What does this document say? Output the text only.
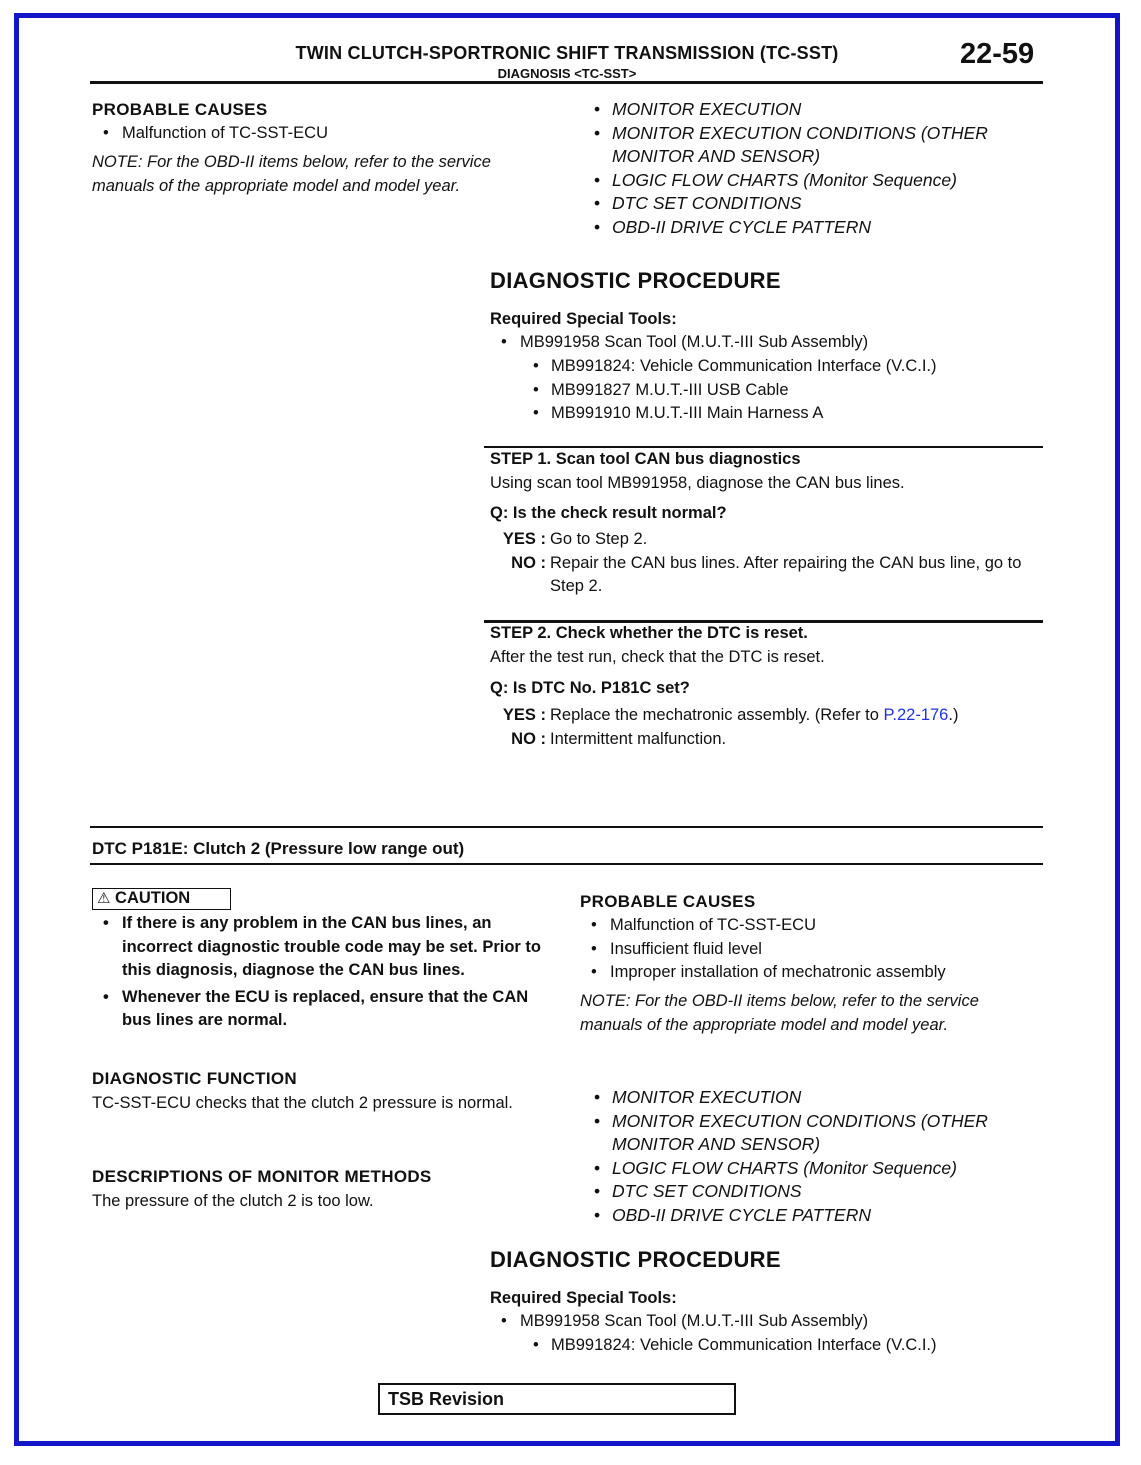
TWIN CLUTCH-SPORTRONIC SHIFT TRANSMISSION (TC-SST)
DIAGNOSIS <TC-SST>
22-59
PROBABLE CAUSES
• Malfunction of TC-SST-ECU
NOTE: For the OBD-II items below, refer to the service manuals of the appropriate model and model year.
• MONITOR EXECUTION
• MONITOR EXECUTION CONDITIONS (OTHER MONITOR AND SENSOR)
• LOGIC FLOW CHARTS (Monitor Sequence)
• DTC SET CONDITIONS
• OBD-II DRIVE CYCLE PATTERN
DIAGNOSTIC PROCEDURE
Required Special Tools:
• MB991958 Scan Tool (M.U.T.-III Sub Assembly)
• MB991824: Vehicle Communication Interface (V.C.I.)
• MB991827 M.U.T.-III USB Cable
• MB991910 M.U.T.-III Main Harness A
STEP 1. Scan tool CAN bus diagnostics
Using scan tool MB991958, diagnose the CAN bus lines.
Q: Is the check result normal?
YES : Go to Step 2.
NO : Repair the CAN bus lines. After repairing the CAN bus line, go to Step 2.
STEP 2. Check whether the DTC is reset.
After the test run, check that the DTC is reset.
Q: Is DTC No. P181C set?
YES : Replace the mechatronic assembly. (Refer to P.22-176.)
NO : Intermittent malfunction.
DTC P181E: Clutch 2 (Pressure low range out)
⚠ CAUTION
• If there is any problem in the CAN bus lines, an incorrect diagnostic trouble code may be set. Prior to this diagnosis, diagnose the CAN bus lines.
• Whenever the ECU is replaced, ensure that the CAN bus lines are normal.
DIAGNOSTIC FUNCTION
TC-SST-ECU checks that the clutch 2 pressure is normal.
DESCRIPTIONS OF MONITOR METHODS
The pressure of the clutch 2 is too low.
PROBABLE CAUSES
• Malfunction of TC-SST-ECU
• Insufficient fluid level
• Improper installation of mechatronic assembly
NOTE: For the OBD-II items below, refer to the service manuals of the appropriate model and model year.
• MONITOR EXECUTION
• MONITOR EXECUTION CONDITIONS (OTHER MONITOR AND SENSOR)
• LOGIC FLOW CHARTS (Monitor Sequence)
• DTC SET CONDITIONS
• OBD-II DRIVE CYCLE PATTERN
DIAGNOSTIC PROCEDURE
Required Special Tools:
• MB991958 Scan Tool (M.U.T.-III Sub Assembly)
• MB991824: Vehicle Communication Interface (V.C.I.)
TSB Revision
